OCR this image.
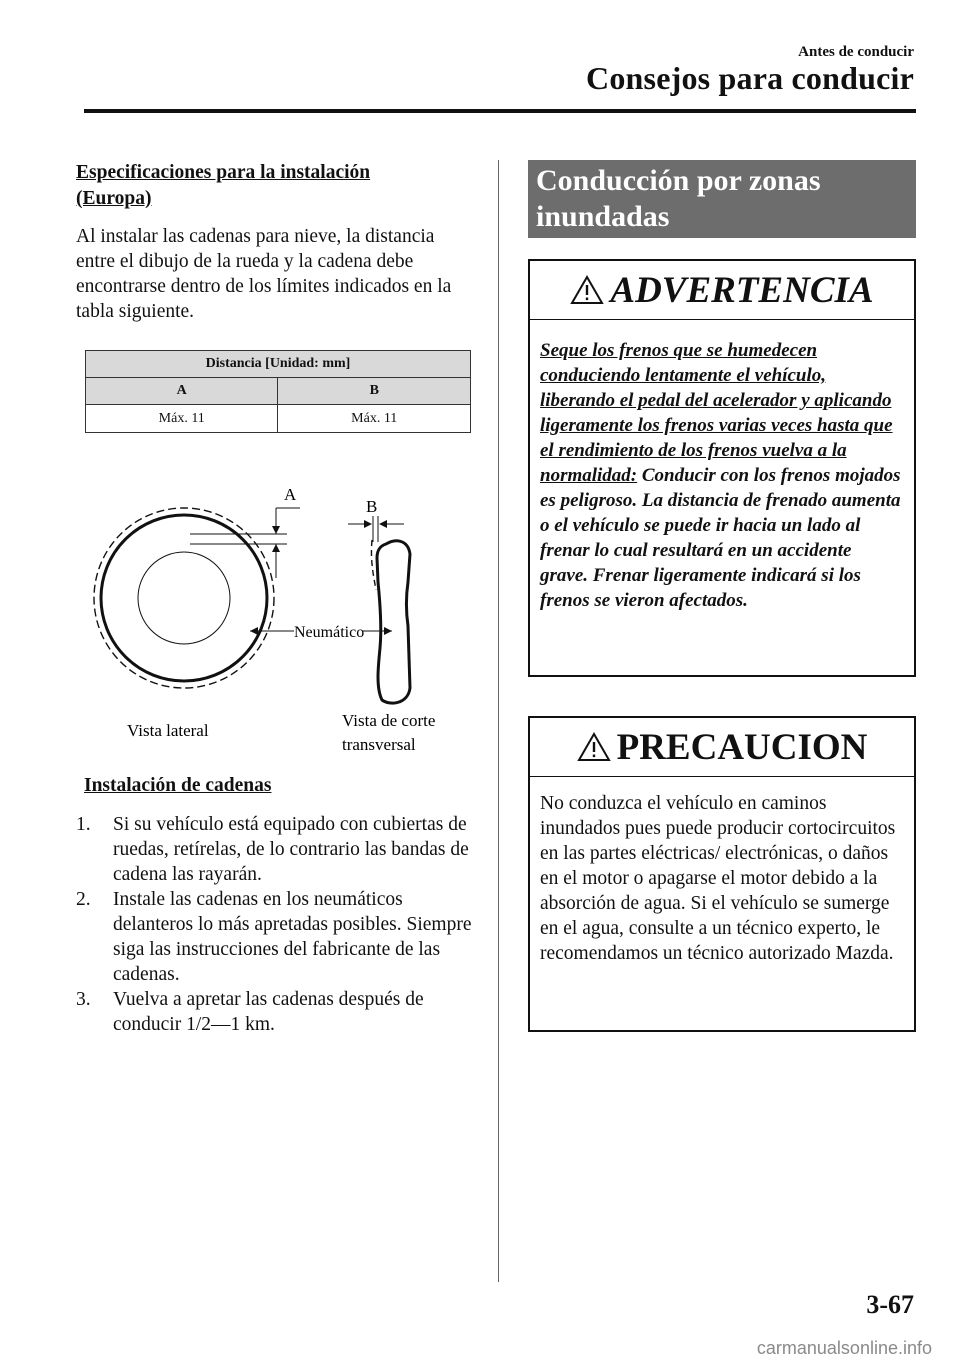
Antes de conducir
Consejos para conducir
Especificaciones para la instalación
(Europa)
Al instalar las cadenas para nieve, la distancia entre el dibujo de la rueda y la cadena debe encontrarse dentro de los límites indicados en la tabla siguiente.
Distancia [Unidad: mm]	
A	B
Máx. 11	Máx. 11
A
B
Neumático
Vista lateral
Vista de corte
transversal
Instalación de cadenas
1. Si su vehículo está equipado con cubiertas de ruedas, retírelas, de lo contrario las bandas de cadena las rayarán.
2. Instale las cadenas en los neumáticos delanteros lo más apretadas posibles. Siempre siga las instrucciones del fabricante de las cadenas.
3. Vuelva a apretar las cadenas después de conducir 1/2—1 km.
Conducción por zonas
inundadas
ADVERTENCIA
Seque los frenos que se humedecen conduciendo lentamente el vehículo, liberando el pedal del acelerador y aplicando ligeramente los frenos varias veces hasta que el rendimiento de los frenos vuelva a la normalidad: Conducir con los frenos mojados es peligroso. La distancia de frenado aumenta o el vehículo se puede ir hacia un lado al frenar lo cual resultará en un accidente grave. Frenar ligeramente indicará si los frenos se vieron afectados.
PRECAUCION
No conduzca el vehículo en caminos inundados pues puede producir cortocircuitos en las partes eléctricas/ electrónicas, o daños en el motor o apagarse el motor debido a la absorción de agua. Si el vehículo se sumerge en el agua, consulte a un técnico experto, le recomendamos un técnico autorizado Mazda.
3-67
carmanualsonline.info
